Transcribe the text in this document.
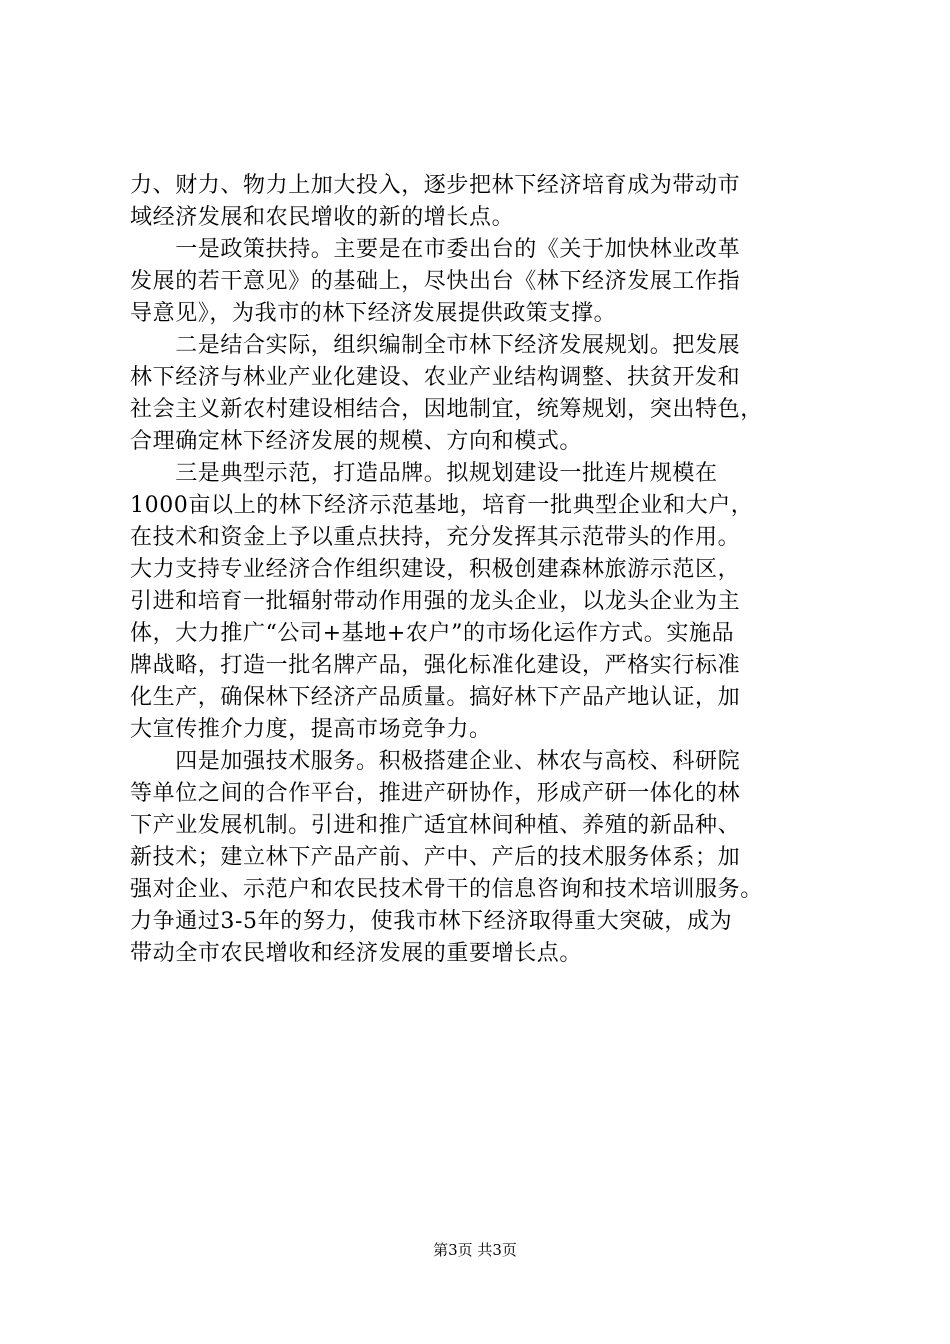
力、财力、物力上加大投入，逐步把林下经济培育成为带动市
域经济发展和农民增收的新的增长点。
　　一是政策扶持。主要是在市委出台的《关于加快林业改革
发展的若干意见》的基础上，尽快出台《林下经济发展工作指
导意见》，为我市的林下经济发展提供政策支撑。
　　二是结合实际，组织编制全市林下经济发展规划。把发展
林下经济与林业产业化建设、农业产业结构调整、扶贫开发和
社会主义新农村建设相结合，因地制宜，统筹规划，突出特色，
合理确定林下经济发展的规模、方向和模式。
　　三是典型示范，打造品牌。拟规划建设一批连片规模在
1000亩以上的林下经济示范基地，培育一批典型企业和大户，
在技术和资金上予以重点扶持，充分发挥其示范带头的作用。
大力支持专业经济合作组织建设，积极创建森林旅游示范区，
引进和培育一批辐射带动作用强的龙头企业，以龙头企业为主
体，大力推广“公司+基地+农户”的市场化运作方式。实施品
牌战略，打造一批名牌产品，强化标准化建设，严格实行标准
化生产，确保林下经济产品质量。搞好林下产品产地认证，加
大宣传推介力度，提高市场竞争力。
　　四是加强技术服务。积极搭建企业、林农与高校、科研院
等单位之间的合作平台，推进产研协作，形成产研一体化的林
下产业发展机制。引进和推广适宜林间种植、养殖的新品种、
新技术；建立林下产品产前、产中、产后的技术服务体系；加
强对企业、示范户和农民技术骨干的信息咨询和技术培训服务。
力争通过3-5年的努力，使我市林下经济取得重大突破，成为
带动全市农民增收和经济发展的重要增长点。
第3页 共3页
